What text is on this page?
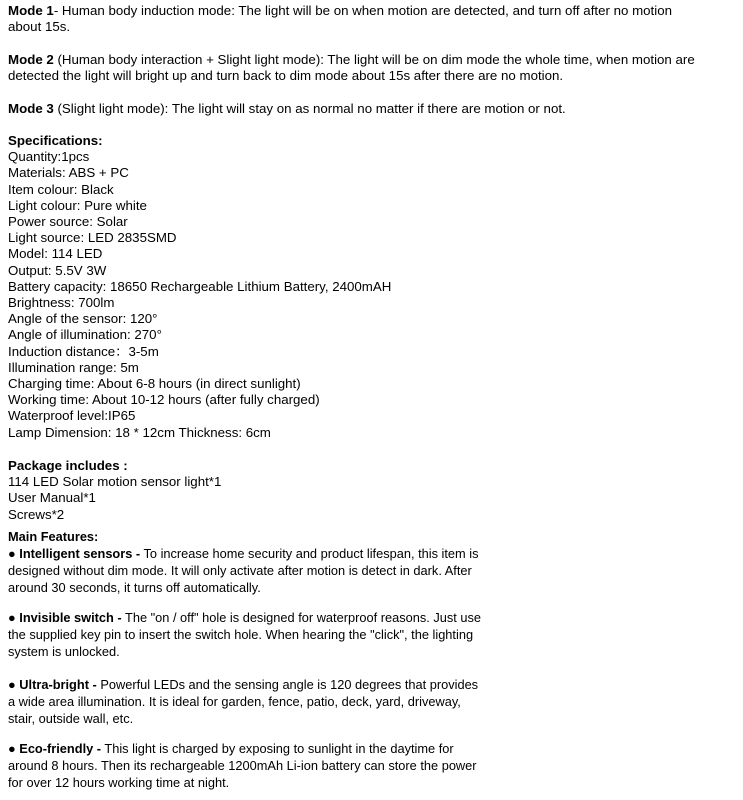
Mode 1- Human body induction mode: The light will be on when motion are detected, and turn off after no motion
about 15s.
Mode 2 (Human body interaction + Slight light mode): The light will be on dim mode the whole time, when motion are
detected the light will bright up and turn back to dim mode about 15s after there are no motion.
Mode 3 (Slight light mode): The light will stay on as normal no matter if there are motion or not.
Specifications:
Quantity:1pcs
Materials: ABS + PC
Item colour: Black
Light colour: Pure white
Power source: Solar
Light source: LED 2835SMD
Model: 114 LED
Output: 5.5V 3W
Battery capacity: 18650 Rechargeable Lithium Battery, 2400mAH
Brightness: 700lm
Angle of the sensor: 120°
Angle of illumination: 270°
Induction distance：3-5m
Illumination range: 5m
Charging time: About 6-8 hours (in direct sunlight)
Working time: About 10-12 hours (after fully charged)
Waterproof level:IP65
Lamp Dimension: 18 * 12cm Thickness: 6cm
Package includes :
114 LED Solar motion sensor light*1
User Manual*1
Screws*2
Main Features:
● Intelligent sensors - To increase home security and product lifespan, this item is
designed without dim mode. It will only activate after motion is detect in dark. After
around 30 seconds, it turns off automatically.
● Invisible switch - The "on / off" hole is designed for waterproof reasons. Just use
the supplied key pin to insert the switch hole. When hearing the "click", the lighting
system is unlocked.
● Ultra-bright - Powerful LEDs and the sensing angle is 120 degrees that provides
a wide area illumination. It is ideal for garden, fence, patio, deck, yard, driveway,
stair, outside wall, etc.
● Eco-friendly - This light is charged by exposing to sunlight in the daytime for
around 8 hours. Then its rechargeable 1200mAh Li-ion battery can store the power
for over 12 hours working time at night.
